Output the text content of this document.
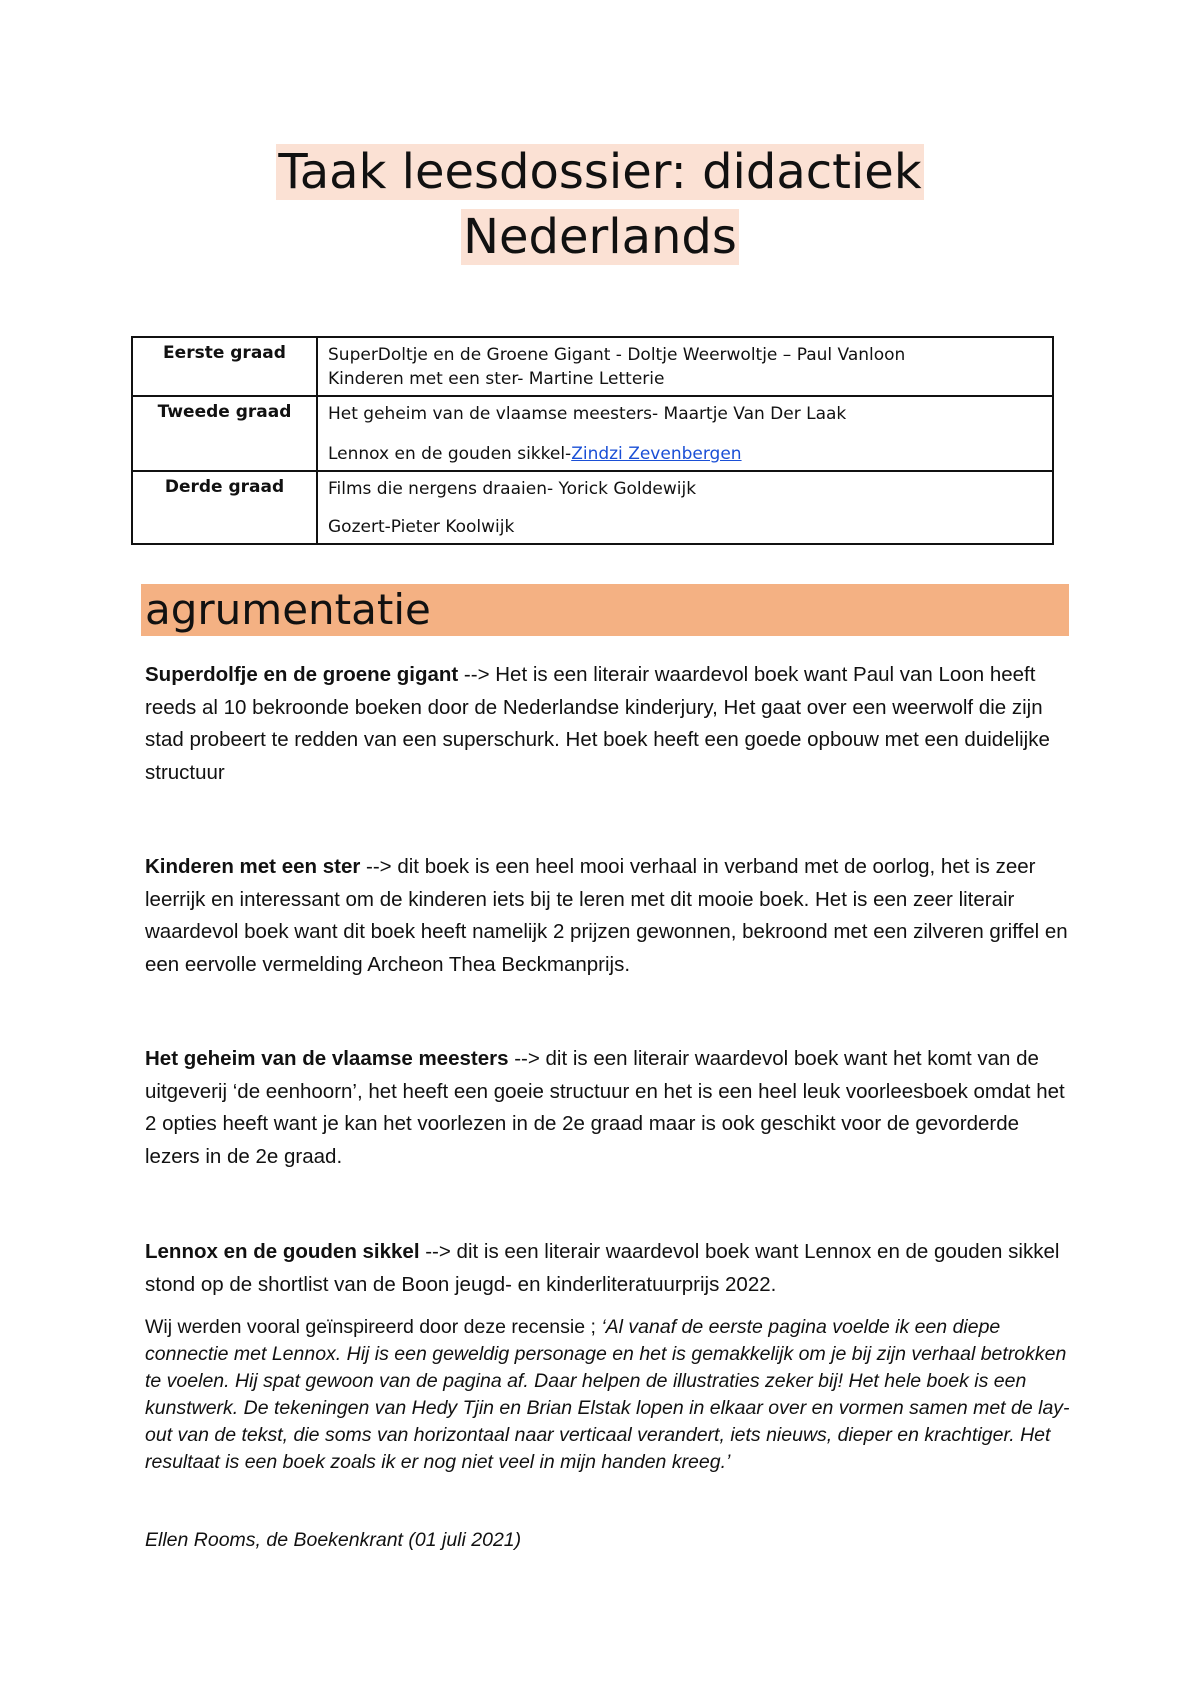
Taak leesdossier: didactiek
Nederlands
Eerste graad	SuperDoltje en de Groene Gigant - Doltje Weerwoltje – Paul Vanloon
Kinderen met een ster- Martine Letterie

Tweede graad	Het geheim van de vlaamse meesters- Maartje Van Der Laak
Lennox en de gouden sikkel-Zindzi Zevenbergen

Derde graad	Films die nergens draaien- Yorick Goldewijk
Gozert-Pieter Koolwijk
agrumentatie
Superdolfje en de groene gigant --> Het is een literair waardevol boek want Paul van Loon heeft reeds al 10 bekroonde boeken door de Nederlandse kinderjury, Het gaat over een weerwolf die zijn stad probeert te redden van een superschurk. Het boek heeft een goede opbouw met een duidelijke structuur
Kinderen met een ster --> dit boek is een heel mooi verhaal in verband met de oorlog, het is zeer leerrijk en interessant om de kinderen iets bij te leren met dit mooie boek. Het is een zeer literair waardevol boek want dit boek heeft namelijk 2 prijzen gewonnen, bekroond met een zilveren griffel en een eervolle vermelding Archeon Thea Beckmanprijs.
Het geheim van de vlaamse meesters --> dit is een literair waardevol boek want het komt van de uitgeverij ‘de eenhoorn’, het heeft een goeie structuur en het is een heel leuk voorleesboek omdat het 2 opties heeft want je kan het voorlezen in de 2e graad maar is ook geschikt voor de gevorderde lezers in de 2e graad.
Lennox en de gouden sikkel --> dit is een literair waardevol boek want Lennox en de gouden sikkel stond op de shortlist van de Boon jeugd- en kinderliteratuurprijs 2022.
Wij werden vooral geïnspireerd door deze recensie ; ‘Al vanaf de eerste pagina voelde ik een diepe connectie met Lennox. Hij is een geweldig personage en het is gemakkelijk om je bij zijn verhaal betrokken te voelen. Hij spat gewoon van de pagina af. Daar helpen de illustraties zeker bij! Het hele boek is een kunstwerk. De tekeningen van Hedy Tjin en Brian Elstak lopen in elkaar over en vormen samen met de lay-out van de tekst, die soms van horizontaal naar verticaal verandert, iets nieuws, dieper en krachtiger. Het resultaat is een boek zoals ik er nog niet veel in mijn handen kreeg.’
Ellen Rooms, de Boekenkrant (01 juli 2021)
